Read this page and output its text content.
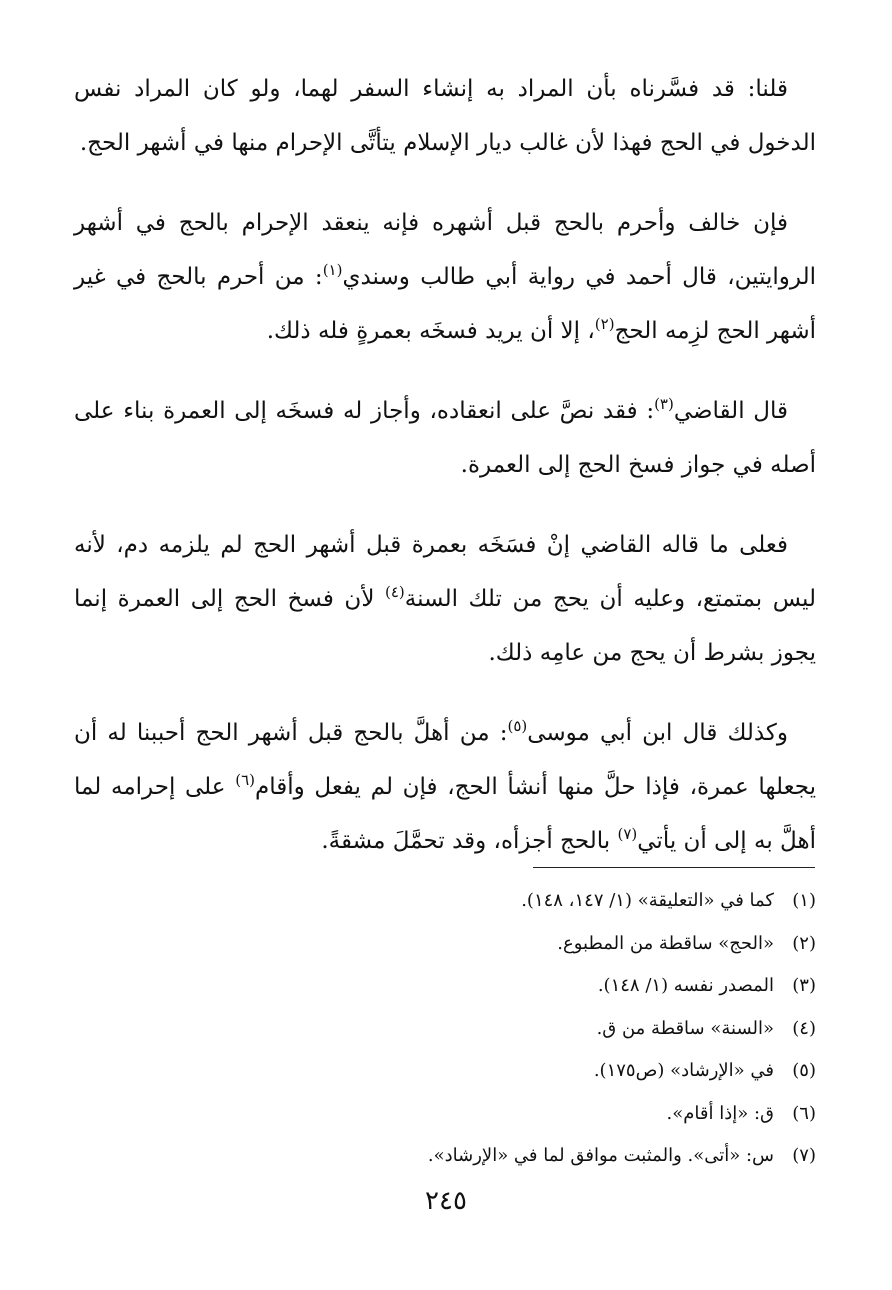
قلنا: قد فسَّرناه بأن المراد به إنشاء السفر لهما، ولو كان المراد نفس الدخول في الحج فهذا لأن غالب ديار الإسلام يتأتَّى الإحرام منها في أشهر الحج.

فإن خالف وأحرم بالحج قبل أشهره فإنه ينعقد الإحرام بالحج في أشهر الروايتين، قال أحمد في رواية أبي طالب وسندي$^{(١)}$: من أحرم بالحج في غير أشهر الحج لزِمه الحج$^{(٢)}$، إلا أن يريد فسخَه بعمرةٍ فله ذلك.

قال القاضي$^{(٣)}$: فقد نصَّ على انعقاده، وأجاز له فسخَه إلى العمرة بناء على أصله في جواز فسخ الحج إلى العمرة.

فعلى ما قاله القاضي إنْ فسَخَه بعمرة قبل أشهر الحج لم يلزمه دم، لأنه ليس بمتمتع، وعليه أن يحج من تلك السنة$^{(٤)}$ لأن فسخ الحج إلى العمرة إنما يجوز بشرط أن يحج من عامِه ذلك.

وكذلك قال ابن أبي موسى$^{(٥)}$: من أهلَّ بالحج قبل أشهر الحج أحببنا له أن يجعلها عمرة، فإذا حلَّ منها أنشأ الحج، فإن لم يفعل وأقام$^{(٦)}$ على إحرامه لما أهلَّ به إلى أن يأتي$^{(٧)}$ بالحج أجزأه، وقد تحمَّلَ مشقةً.

(١)كما في «التعليقة» (١/ ١٤٧، ١٤٨).
(٢)«الحج» ساقطة من المطبوع.
(٣)المصدر نفسه (١/ ١٤٨).
(٤)«السنة» ساقطة من ق.
(٥)في «الإرشاد» (ص١٧٥).
(٦)ق: «إذا أقام».
(٧)س: «أتى». والمثبت موافق لما في «الإرشاد».
٢٤٥
